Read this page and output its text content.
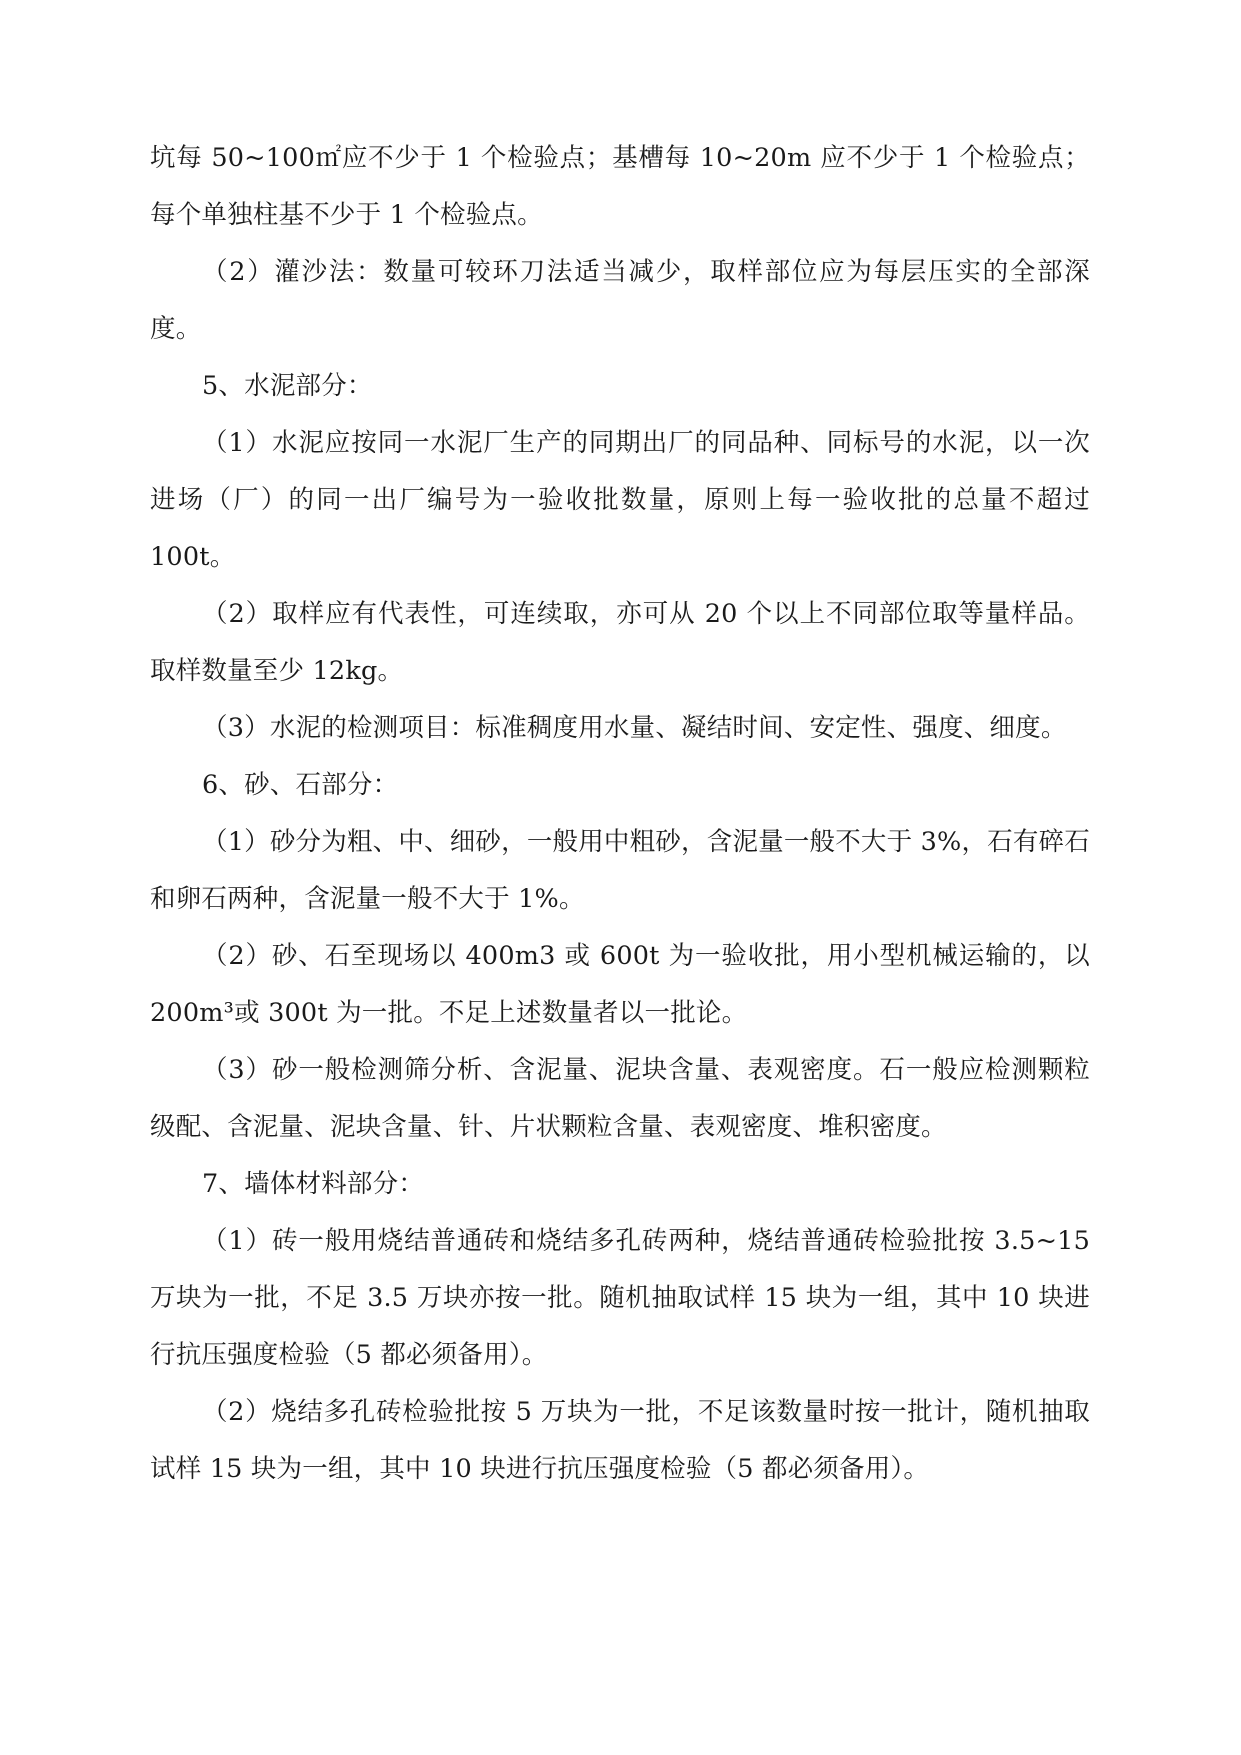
坑每 50~100㎡应不少于 1 个检验点；基槽每 10~20m 应不少于 1 个检验点；每个单独柱基不少于 1 个检验点。

（2）灌沙法：数量可较环刀法适当减少，取样部位应为每层压实的全部深度。

5、水泥部分：

（1）水泥应按同一水泥厂生产的同期出厂的同品种、同标号的水泥，以一次进场（厂）的同一出厂编号为一验收批数量，原则上每一验收批的总量不超过 100t。

（2）取样应有代表性，可连续取，亦可从 20 个以上不同部位取等量样品。取样数量至少 12kg。

（3）水泥的检测项目：标准稠度用水量、凝结时间、安定性、强度、细度。

6、砂、石部分：

（1）砂分为粗、中、细砂，一般用中粗砂，含泥量一般不大于 3%，石有碎石和卵石两种，含泥量一般不大于 1%。

（2）砂、石至现场以 400m3 或 600t 为一验收批，用小型机械运输的，以 200m³或 300t 为一批。不足上述数量者以一批论。

（3）砂一般检测筛分析、含泥量、泥块含量、表观密度。石一般应检测颗粒级配、含泥量、泥块含量、针、片状颗粒含量、表观密度、堆积密度。

7、墙体材料部分：

（1）砖一般用烧结普通砖和烧结多孔砖两种，烧结普通砖检验批按 3.5~15 万块为一批，不足 3.5 万块亦按一批。随机抽取试样 15 块为一组，其中 10 块进行抗压强度检验（5 都必须备用）。

（2）烧结多孔砖检验批按 5 万块为一批，不足该数量时按一批计，随机抽取试样 15 块为一组，其中 10 块进行抗压强度检验（5 都必须备用）。
